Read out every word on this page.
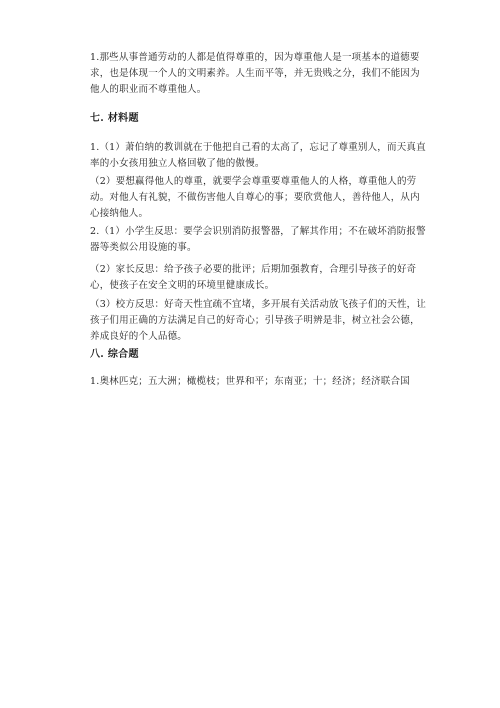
1.那些从事普通劳动的人都是值得尊重的，因为尊重他人是一项基本的道德要
求，也是体现一个人的文明素养。人生而平等，并无贵贱之分，我们不能因为
他人的职业而不尊重他人。
七. 材料题
1.（1）萧伯纳的教训就在于他把自己看的太高了，忘记了尊重别人，而天真直
率的小女孩用独立人格回敬了他的傲慢。
（2）要想赢得他人的尊重，就要学会尊重要尊重他人的人格，尊重他人的劳
动。对他人有礼貌，不做伤害他人自尊心的事；要欣赏他人，善待他人，从内
心接纳他人。
2.（1）小学生反思：要学会识别消防报警器，了解其作用；不在破坏消防报警
器等类似公用设施的事。
（2）家长反思：给予孩子必要的批评；后期加强教育，合理引导孩子的好奇
心，使孩子在安全文明的环境里健康成长。
（3）校方反思：好奇天性宜疏不宜堵，多开展有关活动放飞孩子们的天性，让
孩子们用正确的方法满足自己的好奇心；引导孩子明辨是非，树立社会公德，
养成良好的个人品德。
八. 综合题
1.奥林匹克；五大洲；橄榄枝；世界和平；东南亚；十；经济；经济联合国
